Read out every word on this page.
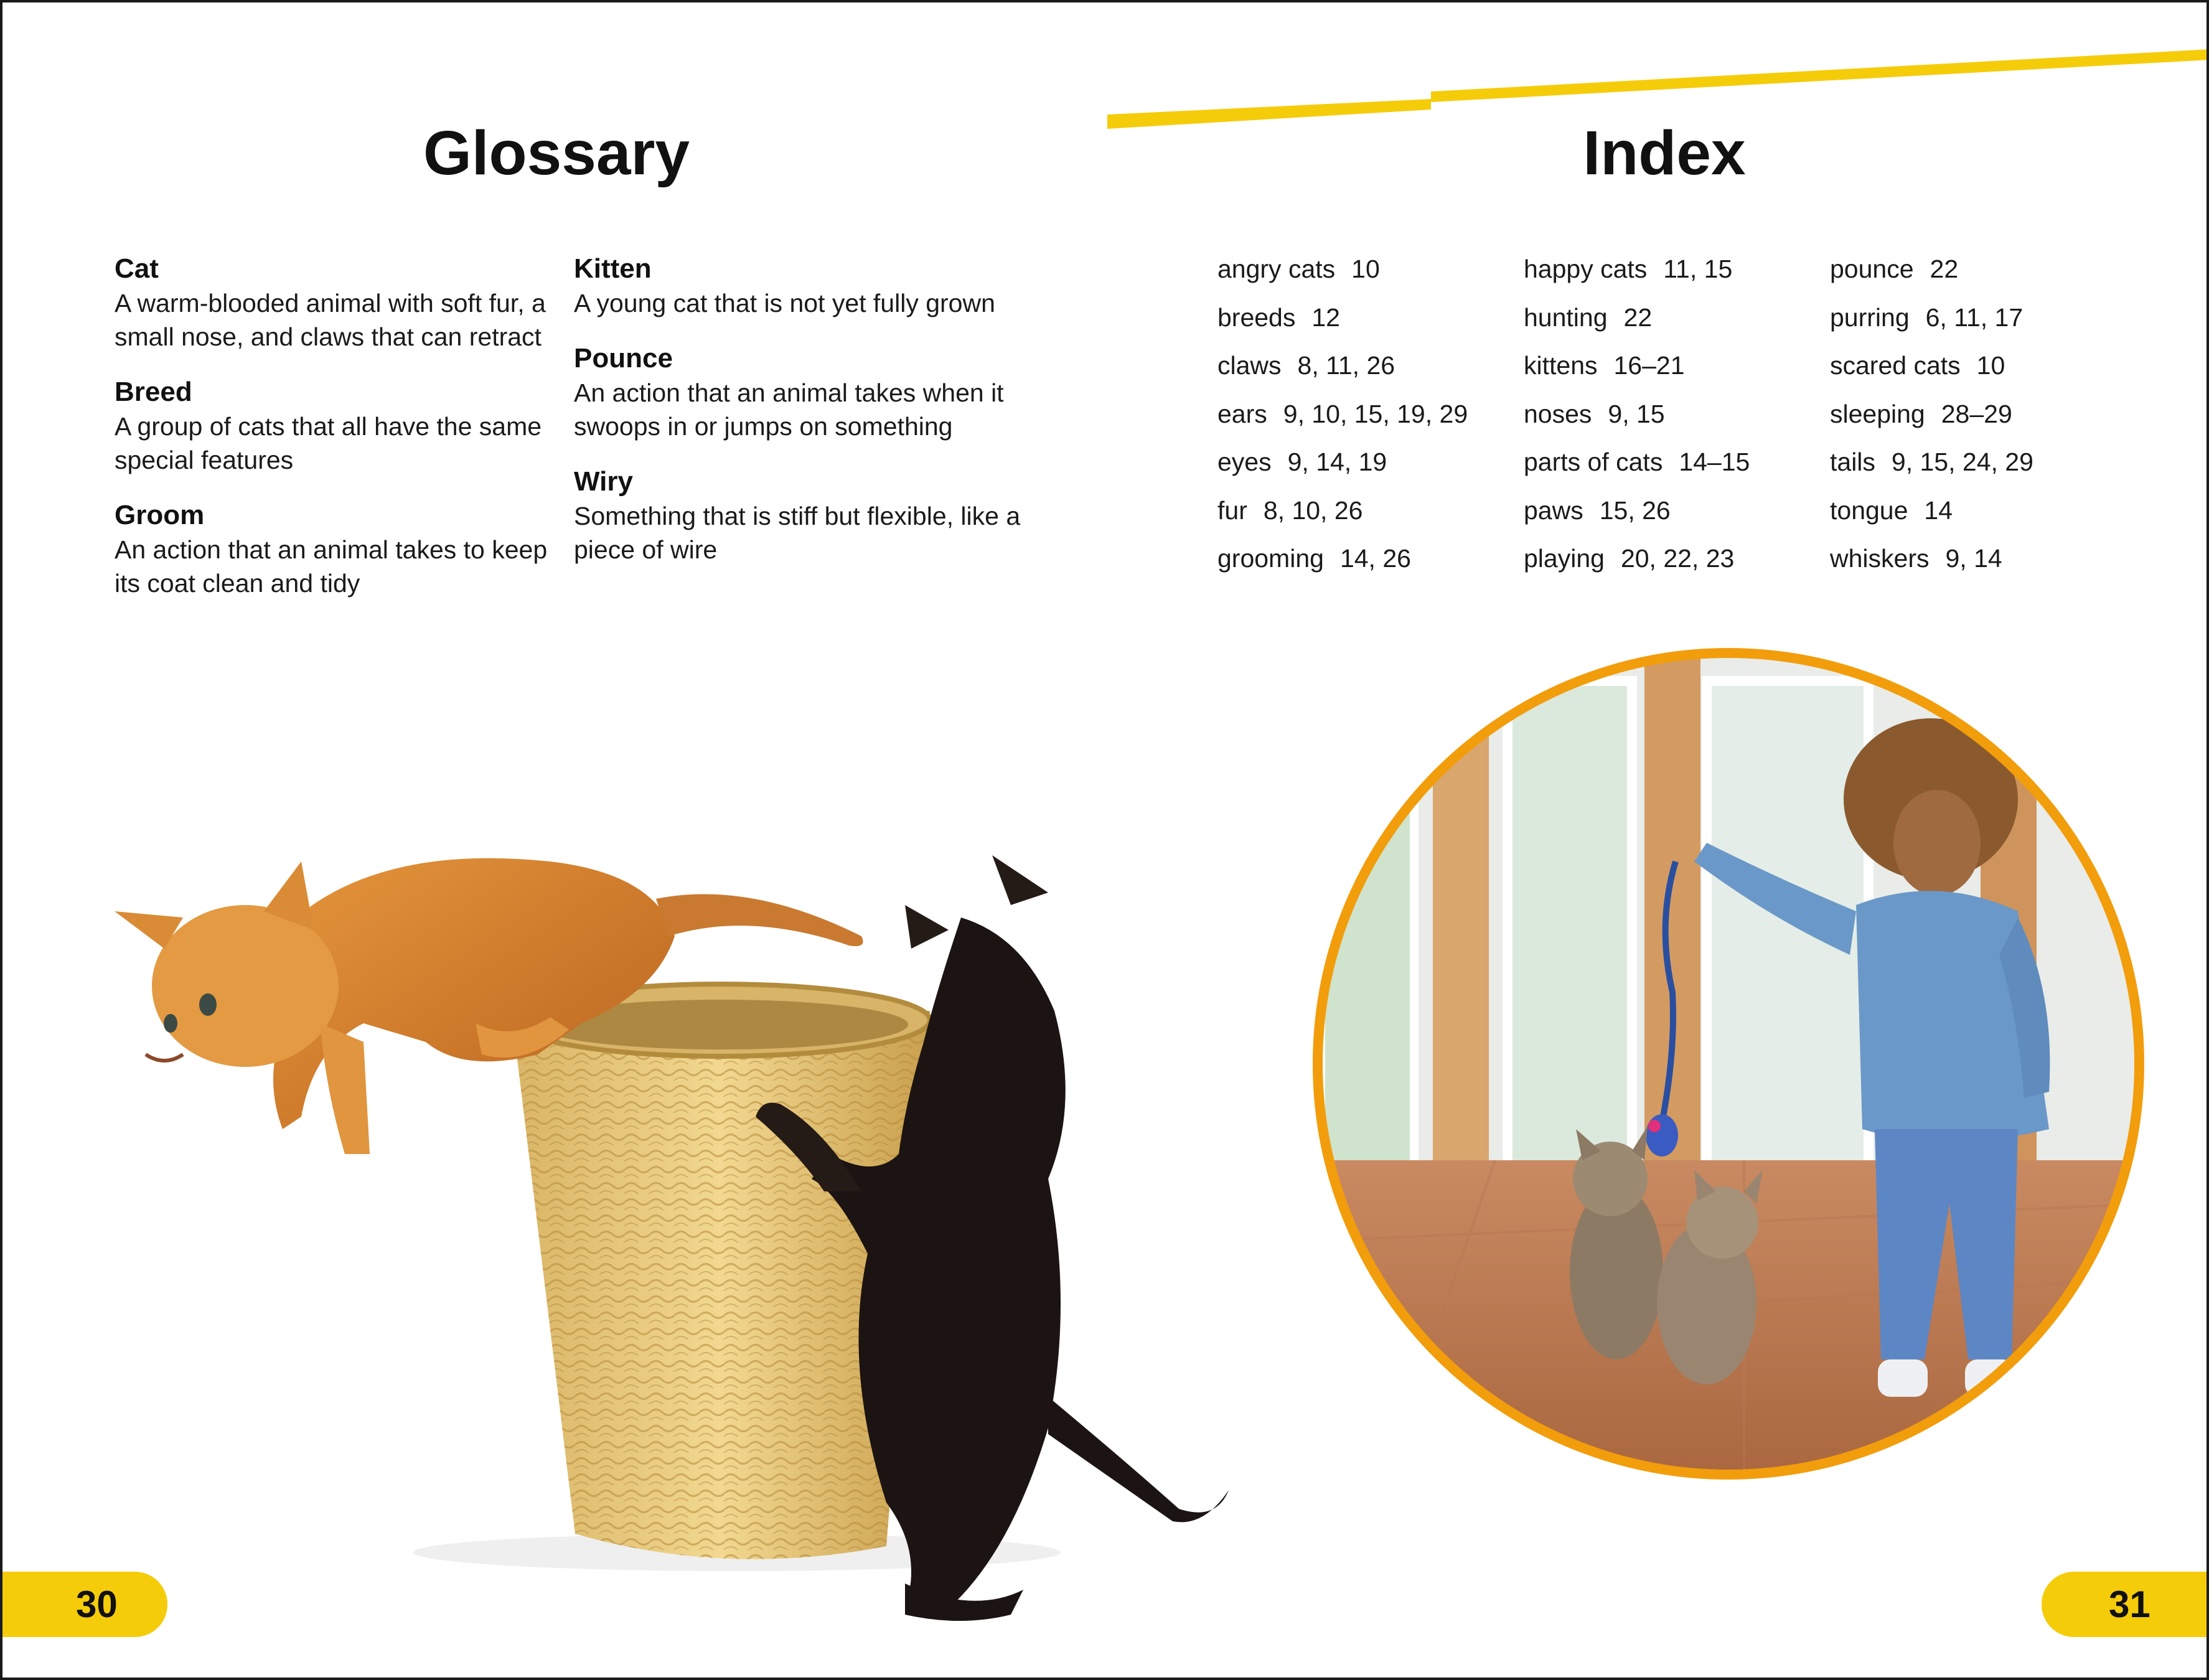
Glossary
Cat
A warm-blooded animal with soft fur, a small nose, and claws that can retract
Breed
A group of cats that all have the same special features
Groom
An action that an animal takes to keep its coat clean and tidy
Kitten
A young cat that is not yet fully grown
Pounce
An action that an animal takes when it swoops in or jumps on something
Wiry
Something that is stiff but flexible, like a piece of wire
Index
angry cats 10
breeds 12
claws 8, 11, 26
ears 9, 10, 15, 19, 29
eyes 9, 14, 19
fur 8, 10, 26
grooming 14, 26
happy cats 11, 15
hunting 22
kittens 16–21
noses 9, 15
parts of cats 14–15
paws 15, 26
playing 20, 22, 23
pounce 22
purring 6, 11, 17
scared cats 10
sleeping 28–29
tails 9, 15, 24, 29
tongue 14
whiskers 9, 14
30	31
